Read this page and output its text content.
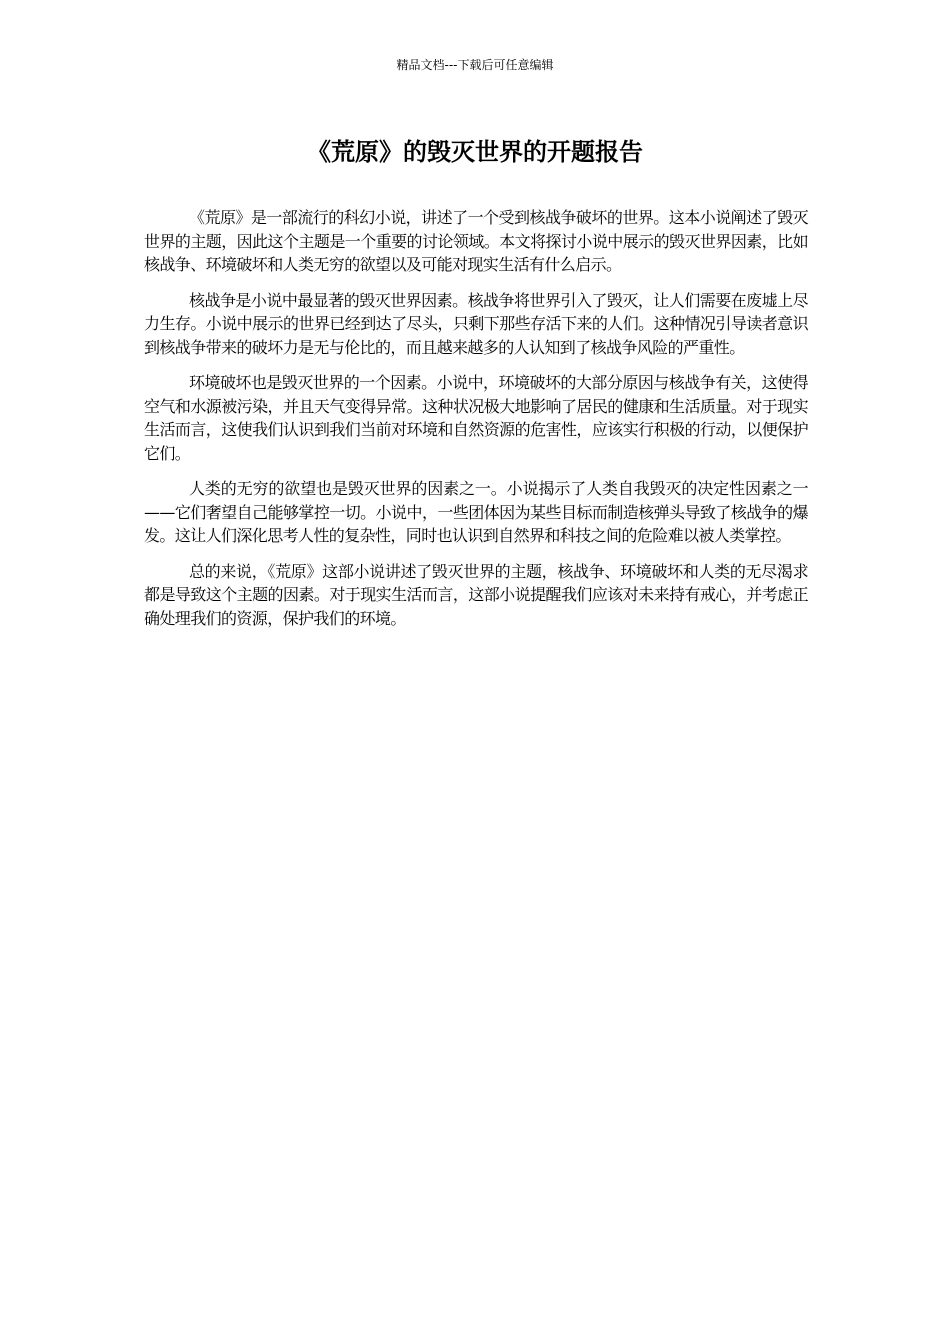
精品文档---下载后可任意编辑
《荒原》的毁灭世界的开题报告

《荒原》是一部流行的科幻小说，讲述了一个受到核战争破坏的世界。这本小说阐述了毁灭世界的主题，因此这个主题是一个重要的讨论领域。本文将探讨小说中展示的毁灭世界因素，比如核战争、环境破坏和人类无穷的欲望以及可能对现实生活有什么启示。

核战争是小说中最显著的毁灭世界因素。核战争将世界引入了毁灭，让人们需要在废墟上尽力生存。小说中展示的世界已经到达了尽头，只剩下那些存活下来的人们。这种情况引导读者意识到核战争带来的破坏力是无与伦比的，而且越来越多的人认知到了核战争风险的严重性。

环境破坏也是毁灭世界的一个因素。小说中，环境破坏的大部分原因与核战争有关，这使得空气和水源被污染，并且天气变得异常。这种状况极大地影响了居民的健康和生活质量。对于现实生活而言，这使我们认识到我们当前对环境和自然资源的危害性，应该实行积极的行动，以便保护它们。

人类的无穷的欲望也是毁灭世界的因素之一。小说揭示了人类自我毁灭的决定性因素之一——它们奢望自己能够掌控一切。小说中，一些团体因为某些目标而制造核弹头导致了核战争的爆发。这让人们深化思考人性的复杂性，同时也认识到自然界和科技之间的危险难以被人类掌控。

总的来说，《荒原》这部小说讲述了毁灭世界的主题，核战争、环境破坏和人类的无尽渴求都是导致这个主题的因素。对于现实生活而言，这部小说提醒我们应该对未来持有戒心，并考虑正确处理我们的资源，保护我们的环境。
